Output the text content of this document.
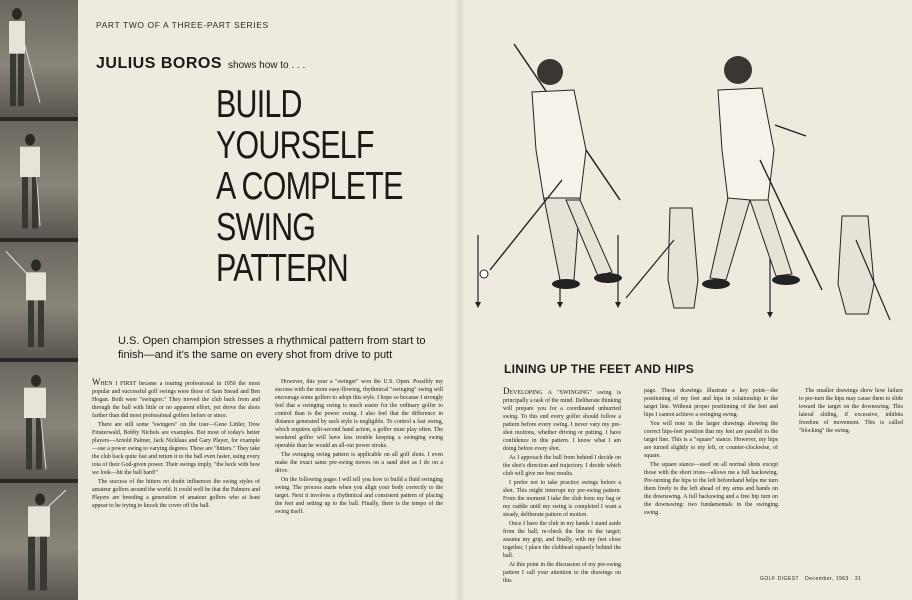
PART TWO OF A THREE-PART SERIES
JULIUS BOROS shows how to . . .
BUILD
YOURSELF
A COMPLETE
SWING
PATTERN
U.S. Open champion stresses a rhythmical pattern from start to finish—and it's the same on every shot from drive to putt

WHEN I FIRST became a touring professional in 1950 the most popular and successful golf swings were those of Sam Snead and Ben Hogan. Both were "swingers." They moved the club back from and through the ball with little or no apparent effort, yet drove the shots farther than did most professional golfers before or since.

There are still some "swingers" on the tour—Gene Littler, Dow Finsterwald, Bobby Nichols are examples. But most of today's better players—Arnold Palmer, Jack Nicklaus and Gary Player, for example —use a power swing to varying degrees. These are "hitters." They take the club back quite fast and return it to the ball even faster, using every iota of their God-given power. Their swings imply, "the heck with how we look—hit the ball hard!"

The success of the hitters no doubt influences the swing styles of amateur golfers around the world. It could well be that the Palmers and Players are breeding a generation of amateur golfers who at least appear to be trying to knock the cover off the ball.

However, this year a "swinger" won the U.S. Open. Possibly my success with the more easy-flowing, rhythmical "swinging" swing will encourage some golfers to adopt this style. I hope so because I strongly feel that a swinging swing is much easier for the ordinary golfer to control than is the power swing. I also feel that the difference in distance generated by each style is negligible. To control a fast swing, which requires split-second hand action, a golfer must play often. The weekend golfer will have less trouble keeping a swinging swing operable than he would an all-out power stroke.

The swinging swing pattern is applicable on all golf shots. I even make the exact same pre-swing moves on a sand shot as I do on a drive.

On the following pages I will tell you how to build a fluid swinging swing. The process starts when you align your body correctly to the target. Next it involves a rhythmical and consistent pattern of placing the feet and setting up to the ball. Finally, there is the tempo of the swing itself.

LINING UP THE FEET AND HIPS

DEVELOPING A "SWINGING" swing is principally a task of the mind. Deliberate thinking will prepare you for a coordinated unhurried swing. To this end every golfer should follow a pattern before every swing. I never vary my pre-shot motions, whether driving or putting. I have confidence in this pattern. I know what I am doing before every shot.

As I approach the ball from behind I decide on the shot's direction and trajectory. I decide which club will give me best results.

I prefer not to take practice swings before a shot. This might interrupt my pre-swing pattern. From the moment I take the club from my bag or my caddie until my swing is completed I want a steady, deliberate pattern of motion.

Once I have the club in my hands I stand aside from the ball; re-check the line to the target; assume my grip, and finally, with my feet close together, I place the clubhead squarely behind the ball.

At this point in the discussion of my pre-swing pattern I call your attention to the drawings on this

page. These drawings illustrate a key point—the positioning of my feet and hips in relationship to the target line. Without proper positioning of the feet and hips I cannot achieve a swinging swing.

You will note in the larger drawings showing the correct hips-feet position that my feet are parallel to the target line. This is a "square" stance. However, my hips are turned slightly to my left, or counter-clockwise, of square.

The square stance—used on all normal shots except those with the short irons—allows me a full backswing. Pre-turning the hips to the left beforehand helps me turn them freely to the left ahead of my arms and hands on the downswing. A full backswing and a free hip turn on the downswing: two fundamentals in the swinging swing.

The smaller drawings show how failure to pre-turn the hips may cause them to slide toward the target on the downswing. This lateral sliding, if excessive, inhibits freedom of movement. This is called "blocking" the swing.

GOLF DIGEST December, 1963 31
